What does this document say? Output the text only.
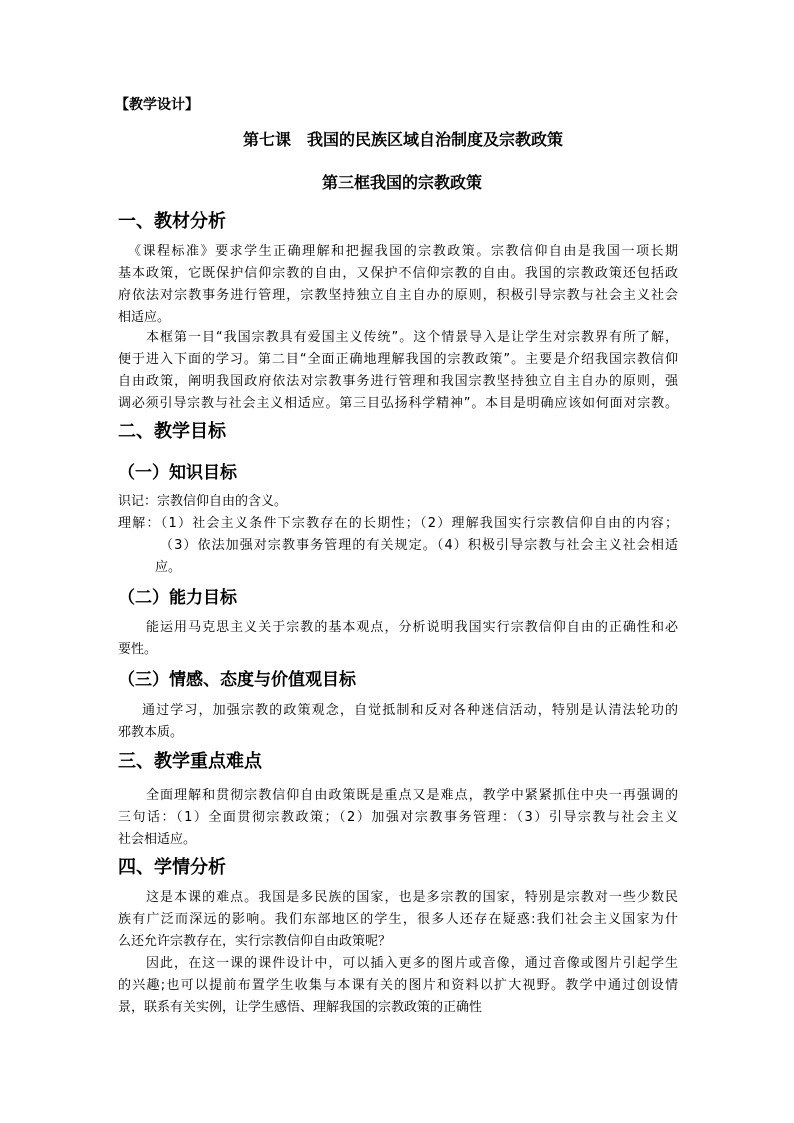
【教学设计】
第七课　我国的民族区域自治制度及宗教政策
第三框我国的宗教政策
一、教材分析
《课程标准》要求学生正确理解和把握我国的宗教政策。宗教信仰自由是我国一项长期
基本政策，它既保护信仰宗教的自由，又保护不信仰宗教的自由。我国的宗教政策还包括政
府依法对宗教事务进行管理，宗教坚持独立自主自办的原则，积极引导宗教与社会主义社会
相适应。
本框第一目“我国宗教具有爱国主义传统”。这个情景导入是让学生对宗教界有所了解，
便于进入下面的学习。第二目“全面正确地理解我国的宗教政策”。主要是介绍我国宗教信仰
自由政策，阐明我国政府依法对宗教事务进行管理和我国宗教坚持独立自主自办的原则，强
调必须引导宗教与社会主义相适应。第三目弘扬科学精神”。本目是明确应该如何面对宗教。
二、教学目标
（一）知识目标
识记：宗教信仰自由的含义。
理解：（1）社会主义条件下宗教存在的长期性；（2）理解我国实行宗教信仰自由的内容；
（3）依法加强对宗教事务管理的有关规定。（4）积极引导宗教与社会主义社会相适
应。
（二）能力目标
能运用马克思主义关于宗教的基本观点，分析说明我国实行宗教信仰自由的正确性和必
要性。
（三）情感、态度与价值观目标
通过学习，加强宗教的政策观念，自觉抵制和反对各种迷信活动，特别是认清法轮功的
邪教本质。
三、教学重点难点
全面理解和贯彻宗教信仰自由政策既是重点又是难点，教学中紧紧抓住中央一再强调的
三句话：（1）全面贯彻宗教政策；（2）加强对宗教事务管理：（3）引导宗教与社会主义
社会相适应。
四、学情分析
这是本课的难点。我国是多民族的国家，也是多宗教的国家，特别是宗教对一些少数民
族有广泛而深远的影响。我们东部地区的学生，很多人还存在疑惑:我们社会主义国家为什
么还允许宗教存在，实行宗教信仰自由政策呢？
因此，在这一课的课件设计中，可以插入更多的图片或音像，通过音像或图片引起学生
的兴趣;也可以提前布置学生收集与本课有关的图片和资料以扩大视野。教学中通过创设情
景，联系有关实例，让学生感悟、理解我国的宗教政策的正确性
